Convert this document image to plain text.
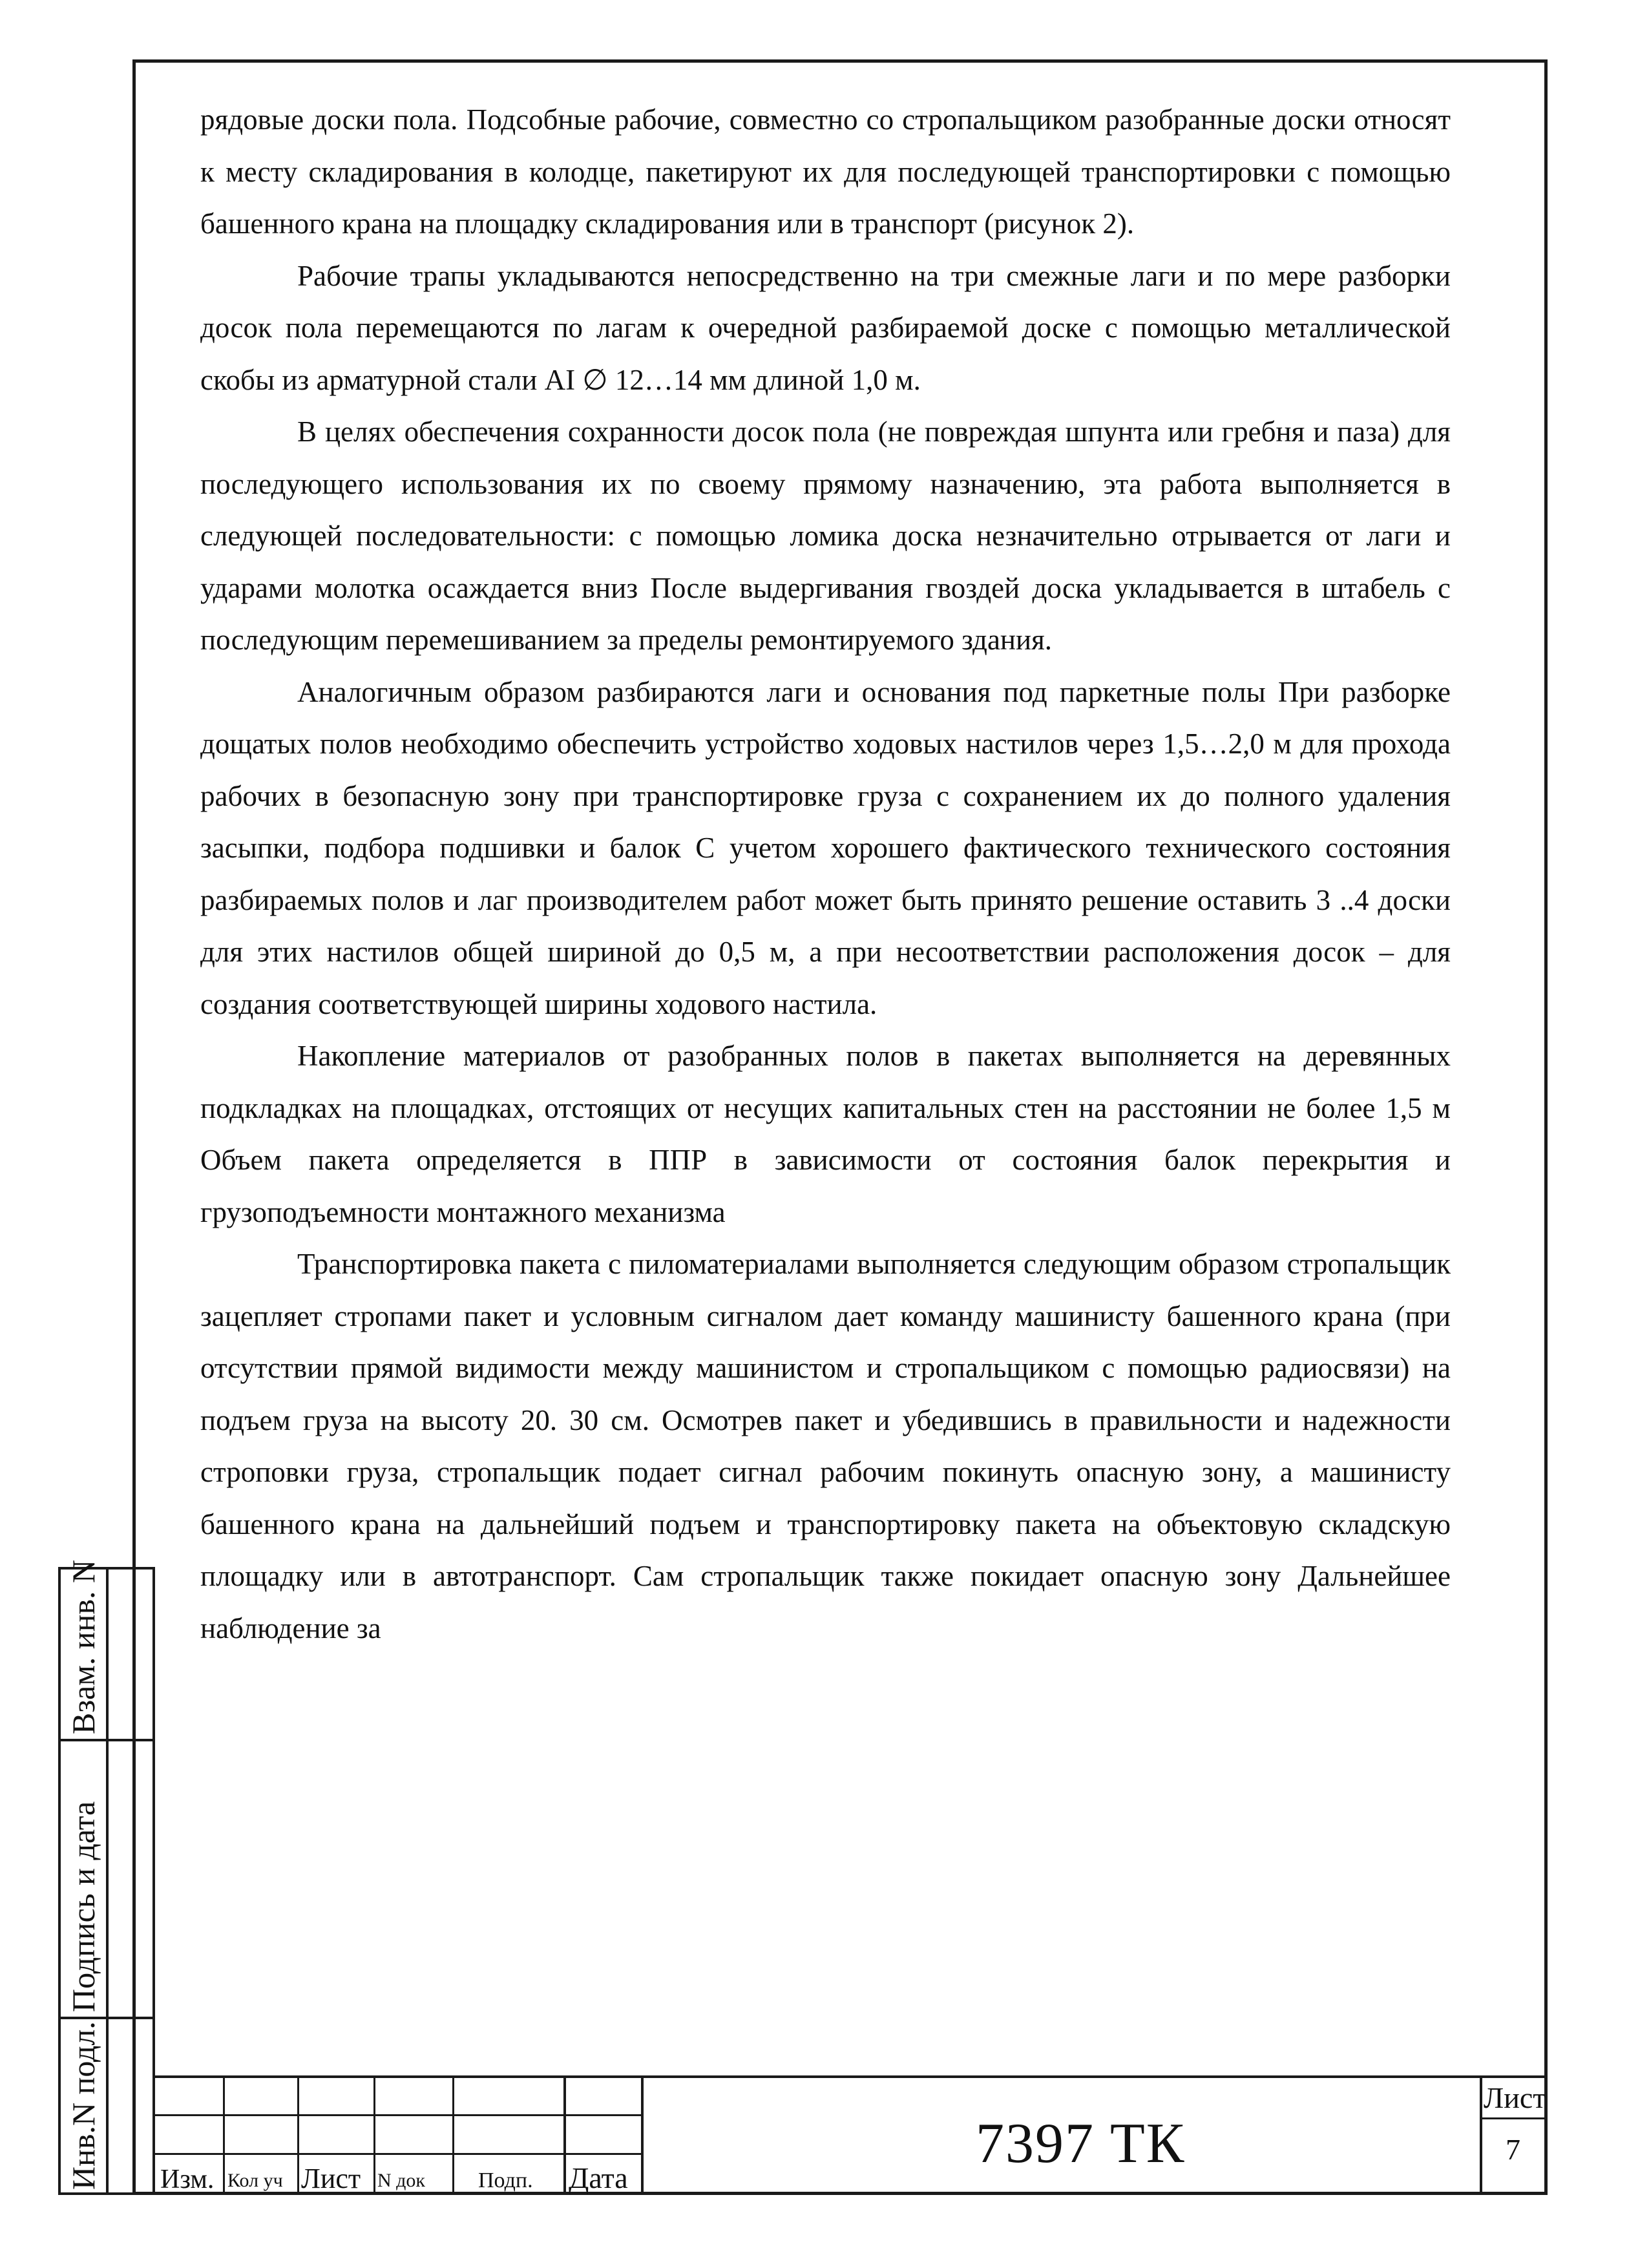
рядовые доски пола. Подсобные рабочие, совместно со стропальщиком разобранные доски относят к месту складирования в колодце, пакетируют их для последующей транспортировки с помощью башенного крана на площадку складирования или в транспорт (рисунок 2).

Рабочие трапы укладываются непосредственно на три смежные лаги и по мере разборки досок пола перемещаются по лагам к очередной разбираемой доске с помощью металлической скобы из арматурной стали AI ∅ 12…14 мм длиной 1,0 м.

В целях обеспечения сохранности досок пола (не повреждая шпунта или гребня и паза) для последующего использования их по своему прямому назначению, эта работа выполняется в следующей последовательности: с помощью ломика доска незначительно отрывается от лаги и ударами молотка осаждается вниз После выдергивания гвоздей доска укладывается в штабель с последующим перемешиванием за пределы ремонтируемого здания.

Аналогичным образом разбираются лаги и основания под паркетные полы При разборке дощатых полов необходимо обеспечить устройство ходовых настилов через 1,5…2,0 м для прохода рабочих в безопасную зону при транспортировке груза с сохранением их до полного удаления засыпки, подбора подшивки и балок С учетом хорошего фактического технического состояния разбираемых полов и лаг производителем работ может быть принято решение оставить 3 ..4 доски для этих настилов общей шириной до 0,5 м, а при несоответствии расположения досок – для создания соответствующей ширины ходового настила.

Накопление материалов от разобранных полов в пакетах выполняется на деревянных подкладках на площадках, отстоящих от несущих капитальных стен на расстоянии не более 1,5 м Объем пакета определяется в ППР в зависимости от состояния балок перекрытия и грузоподъемности монтажного механизма

Транспортировка пакета с пиломатериалами выполняется следующим образом стропальщик зацепляет стропами пакет и условным сигналом дает команду машинисту башенного крана (при отсутствии прямой видимости между машинистом и стропальщиком с помощью радиосвязи) на подъем груза на высоту 20. 30 см. Осмотрев пакет и убедившись в правильности и надежности строповки груза, стропальщик подает сигнал рабочим покинуть опасную зону, а машинисту башенного крана на дальнейший подъем и транспортировку пакета на объектовую складскую площадку или в автотранспорт. Сам стропальщик также покидает опасную зону Дальнейшее наблюдение за

Взам. инв. N
Подпись и дата
Инв.N подл. Изм. Кол уч Лист N док Подп. Дата
7397 ТК
Лист
7
